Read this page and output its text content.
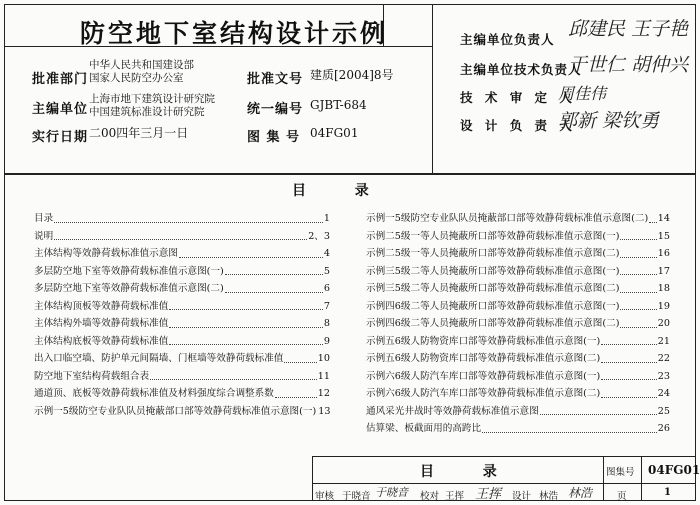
防空地下室结构设计示例
批准部门
中华人民共和国建设部
国家人民防空办公室	批准文号 建质[2004]8号
主编单位
上海市地下建筑设计研究院
中国建筑标准设计研究院	统一编号 GJBT-684
实行日期 二00四年三月一日	图 集 号 04FG01
主编单位负责人 邱建民 王子艳
主编单位技术负责人
于世仁 胡仲兴
技 术 审 定 人
周佳伟
设 计 负 责 人
郭新 梁钦勇
目          录
目录	1
说明	2、3
主体结构等效静荷载标准值示意图	4
多层防空地下室等效静荷载标准值示意图(一)	5
多层防空地下室等效静荷载标准值示意图(二)	6
主体结构顶板等效静荷载标准值	7
主体结构外墙等效静荷载标准值	8
主体结构底板等效静荷载标准值	9
出入口临空墙、防护单元间隔墙、门框墙等效静荷载标准值	10
防空地下室结构荷载组合表	11
通道顶、底板等效静荷载标准值及材料强度综合调整系数	12
示例一5级防空专业队队员掩蔽部口部等效静荷载标准值示意图(一) 13
示例一5级防空专业队队员掩蔽部口部等效静荷载标准值示意图(二) 14
示例二5级一等人员掩蔽所口部等效静荷载标准值示意图(一)	15
示例二5级一等人员掩蔽所口部等效静荷载标准值示意图(二)	16
示例三5级二等人员掩蔽所口部等效静荷载标准值示意图(一)	17
示例三5级二等人员掩蔽所口部等效静荷载标准值示意图(二)	18
示例四6级二等人员掩蔽所口部等效静荷载标准值示意图(一)	19
示例四6级二等人员掩蔽所口部等效静荷载标准值示意图(二)	20
示例五6级人防物资库口部等效静荷载标准值示意图(一)	21
示例五6级人防物资库口部等效静荷载标准值示意图(二)	22
示例六6级人防汽车库口部等效静荷载标准值示意图(一)	23
示例六6级人防汽车库口部等效静荷载标准值示意图(二)	24
通风采光井战时等效静荷载标准值示意图	25
估算梁、板截面用的高跨比	26
目          录	图集号 04FG01
审核 于晓音 于晓音 校对 王挥 王挥 设计 林浩 林浩	页	1
